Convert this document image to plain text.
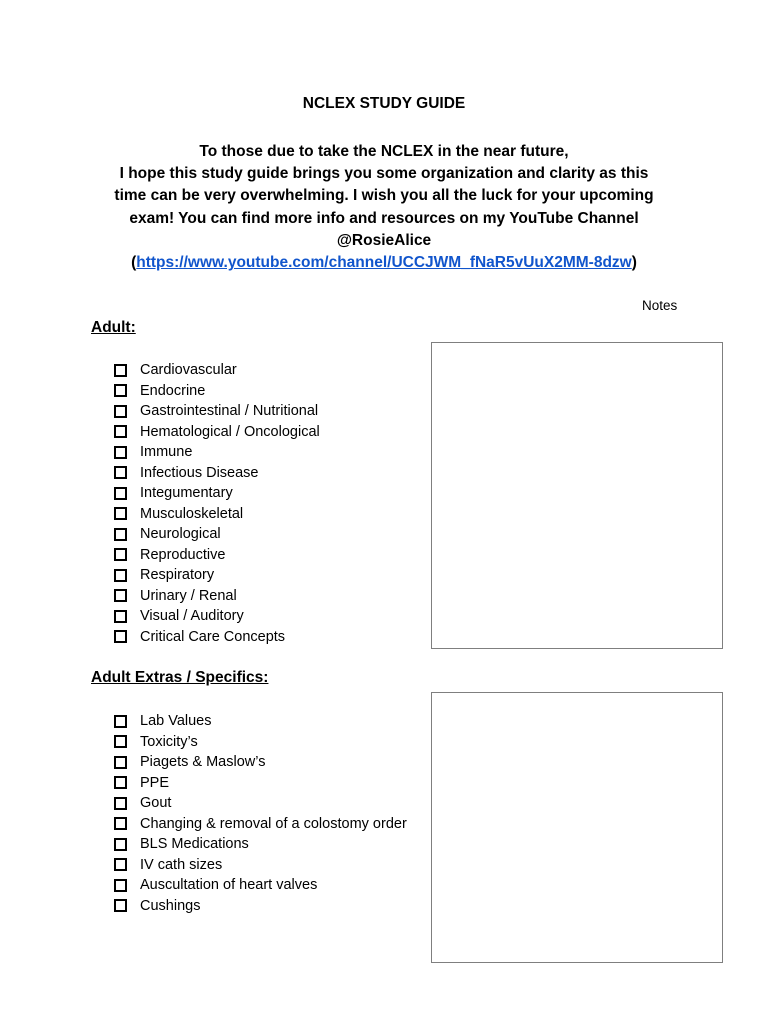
NCLEX STUDY GUIDE
To those due to take the NCLEX in the near future,
I hope this study guide brings you some organization and clarity as this
time can be very overwhelming. I wish you all the luck for your upcoming
exam! You can find more info and resources on my YouTube Channel
@RosieAlice
(https://www.youtube.com/channel/UCCJWM_fNaR5vUuX2MM-8dzw)
Notes
Adult:
Cardiovascular
Endocrine
Gastrointestinal / Nutritional
Hematological / Oncological
Immune
Infectious Disease
Integumentary
Musculoskeletal
Neurological
Reproductive
Respiratory
Urinary / Renal
Visual / Auditory
Critical Care Concepts
Adult Extras / Specifics:
Lab Values
Toxicity’s
Piagets & Maslow’s
PPE
Gout
Changing & removal of a colostomy order
BLS Medications
IV cath sizes
Auscultation of heart valves
Cushings
